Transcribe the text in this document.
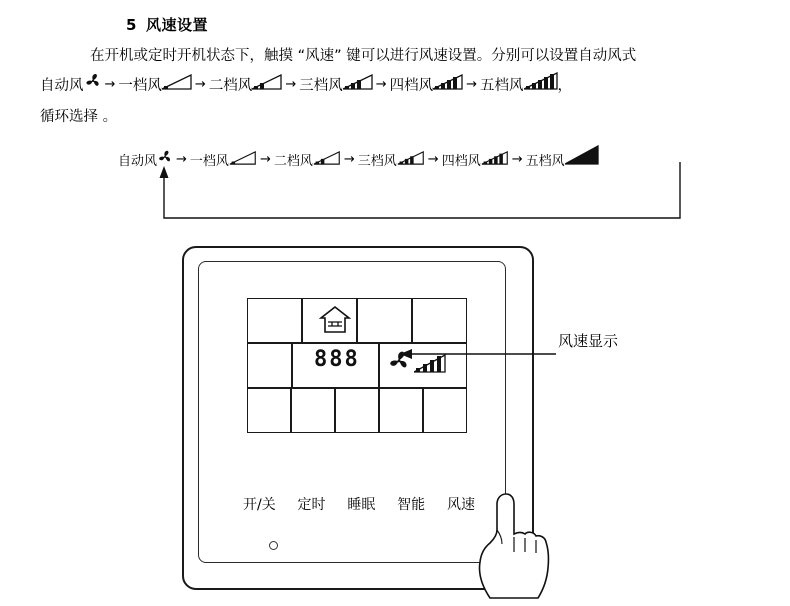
5 风速设置
在开机或定时开机状态下，触摸 “风速” 键可以进行风速设置。分别可以设置自动风式
自动风 → 一档风	→ 二档风	→ 三档风	→ 四档风	→ 五档风 ，
循环选择 。
自动风 → 一档风 → 二档风 → 三档风 → 四档风 → 五档风
888
开/关 定时 睡眠 智能 风速
风速显示
